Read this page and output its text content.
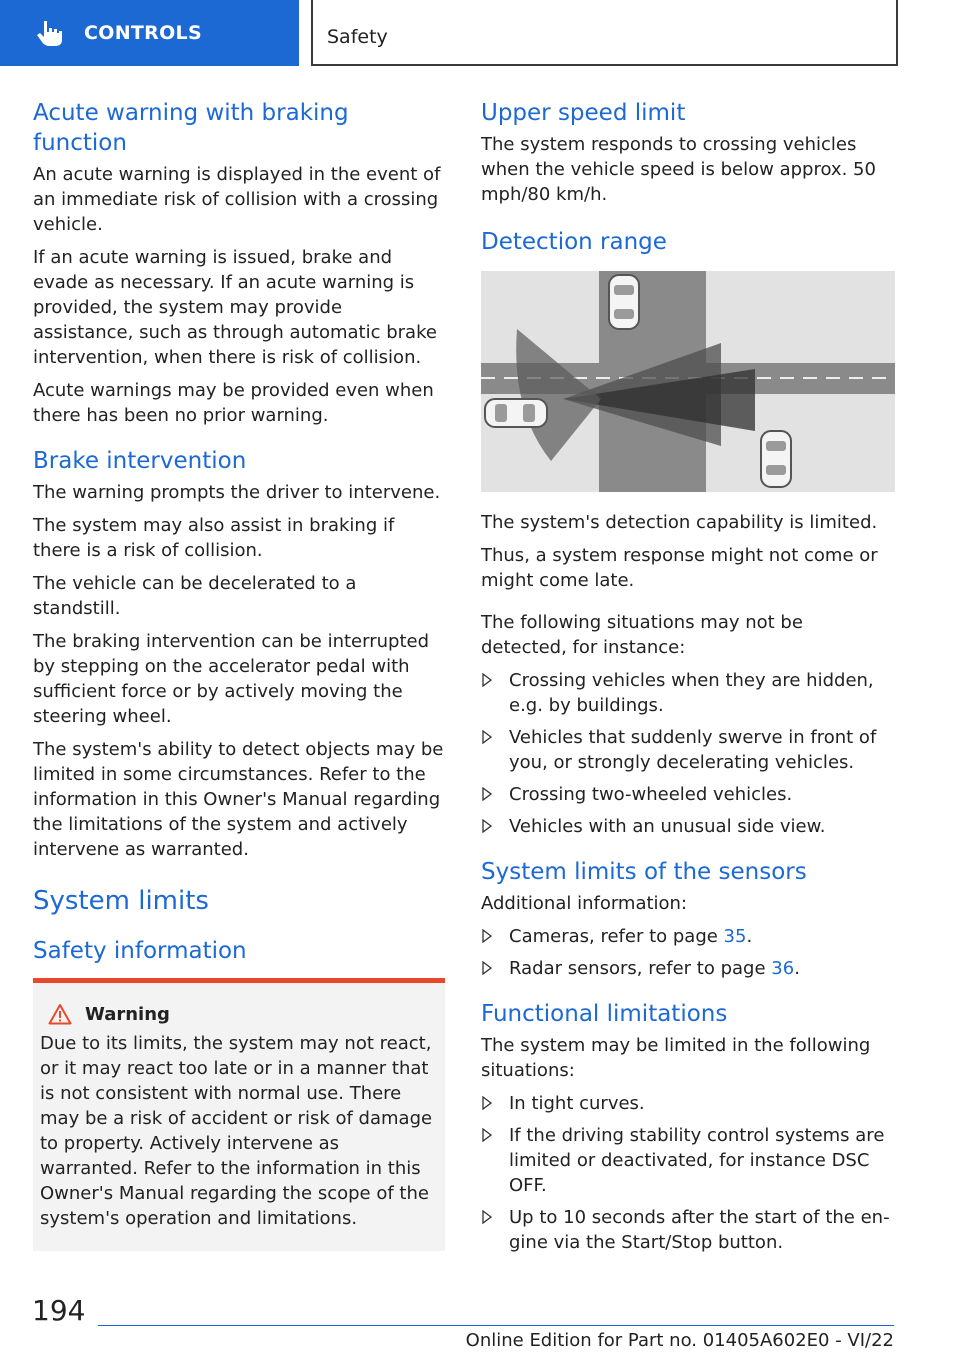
CONTROLS	Safety
Acute warning with braking function

An acute warning is displayed in the event of an immediate risk of collision with a crossing vehicle.

If an acute warning is issued, brake and evade as necessary. If an acute warning is provided, the system may provide assistance, such as through automatic brake intervention, when there is risk of collision.

Acute warnings may be provided even when there has been no prior warning.

Brake intervention

The warning prompts the driver to intervene.

The system may also assist in braking if there is a risk of collision.

The vehicle can be decelerated to a standstill.

The braking intervention can be interrupted by stepping on the accelerator pedal with sufficient force or by actively moving the steering wheel.

The system's ability to detect objects may be limited in some circumstances. Refer to the information in this Owner's Manual regarding the limitations of the system and actively intervene as warranted.

System limits
Safety information
Warning

Due to its limits, the system may not react, or it may react too late or in a manner that is not consistent with normal use. There may be a risk of accident or risk of damage to property. Actively intervene as warranted. Refer to the information in this Owner's Manual regarding the scope of the system's operation and limitations.

Upper speed limit

The system responds to crossing vehicles when the vehicle speed is below approx. 50 mph/80 km/h.

Detection range

The system's detection capability is limited.

Thus, a system response might not come or might come late.

The following situations may not be detected, for instance:

Crossing vehicles when they are hidden, e.g. by buildings.
Vehicles that suddenly swerve in front of you, or strongly decelerating vehicles.
Crossing two-wheeled vehicles.
Vehicles with an unusual side view.
System limits of the sensors

Additional information:

Cameras, refer to page 35.
Radar sensors, refer to page 36.
Functional limitations

The system may be limited in the following situations:

In tight curves.
If the driving stability control systems are limited or deactivated, for instance DSC OFF.
Up to 10 seconds after the start of the engine via the Start/Stop button.
194
Online Edition for Part no. 01405A602E0 - VI/22
